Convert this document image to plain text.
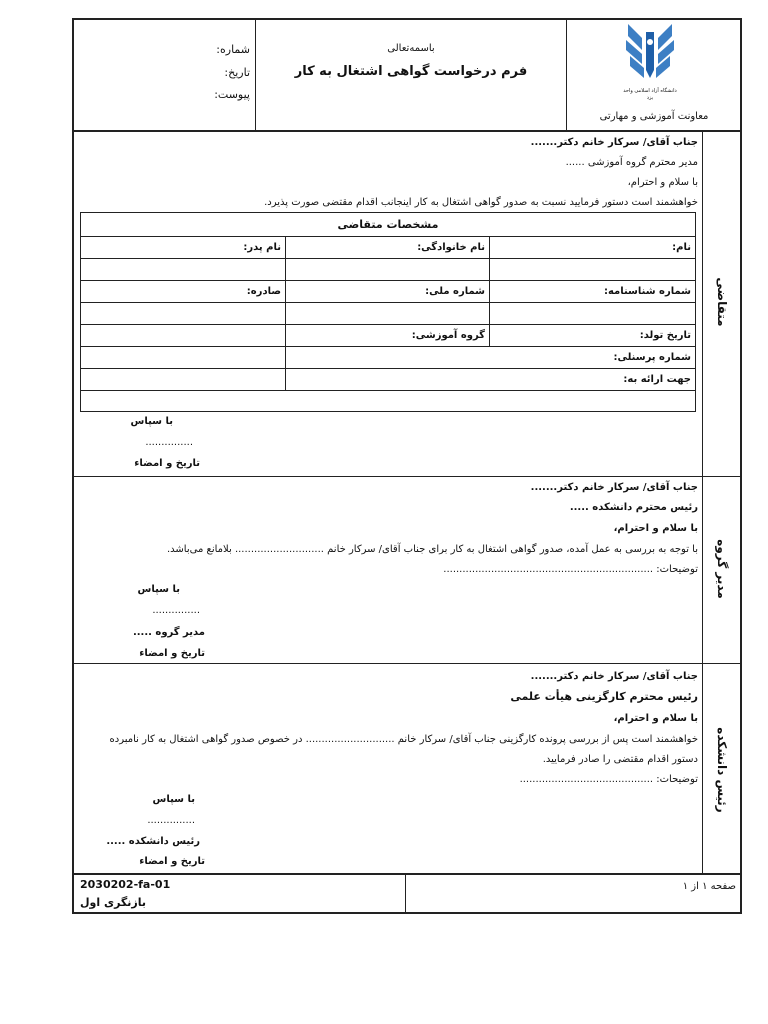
شماره:
تاریخ:
پیوست:
باسمه‌تعالی
فرم درخواست گواهی اشتغال به کار
دانشگاه آزاد اسلامی واحد یزد
معاونت آموزشی و مهارتی
متقاضی
جناب آقای/ سرکار خانم دکتر.......
مدیر محترم گروه آموزشی ......
با سلام و احترام،
خواهشمند است دستور فرمایید نسبت به صدور گواهی اشتغال به کار اینجانب اقدام مقتضی صورت پذیرد.
مشخصات متقاضی
نام:
نام خانوادگی:
نام پدر:
شماره شناسنامه:
شماره ملی:
صادره:
تاریخ تولد:
گروه آموزشی:
شماره پرسنلی:
جهت ارائه به:
با سپاس
...............
تاریخ و امضاء
مدیر گروه
جناب آقای/ سرکار خانم دکتر.......
رئیس محترم دانشکده .....
با سلام و احترام،
با توجه به بررسی به عمل آمده، صدور گواهی اشتغال به کار برای جناب آقای/ سرکار خانم ............................ بلامانع می‌باشد.
توضیحات: ..................................................................
با سپاس
...............
مدیر گروه .....
تاریخ و امضاء
رئیس دانشکده
جناب آقای/ سرکار خانم دکتر.......
رئیس محترم کارگزینی هیأت علمی
با سلام و احترام،
خواهشمند است پس از بررسی پرونده کارگزینی جناب آقای/ سرکار خانم ............................ در خصوص صدور گواهی اشتغال به کار نامبرده
دستور اقدام مقتضی را صادر فرمایید.
توضیحات: ..........................................
با سپاس
...............
رئیس دانشکده .....
تاریخ و امضاء
صفحه ۱ از ۱
2030202-fa-01
بازنگری اول
